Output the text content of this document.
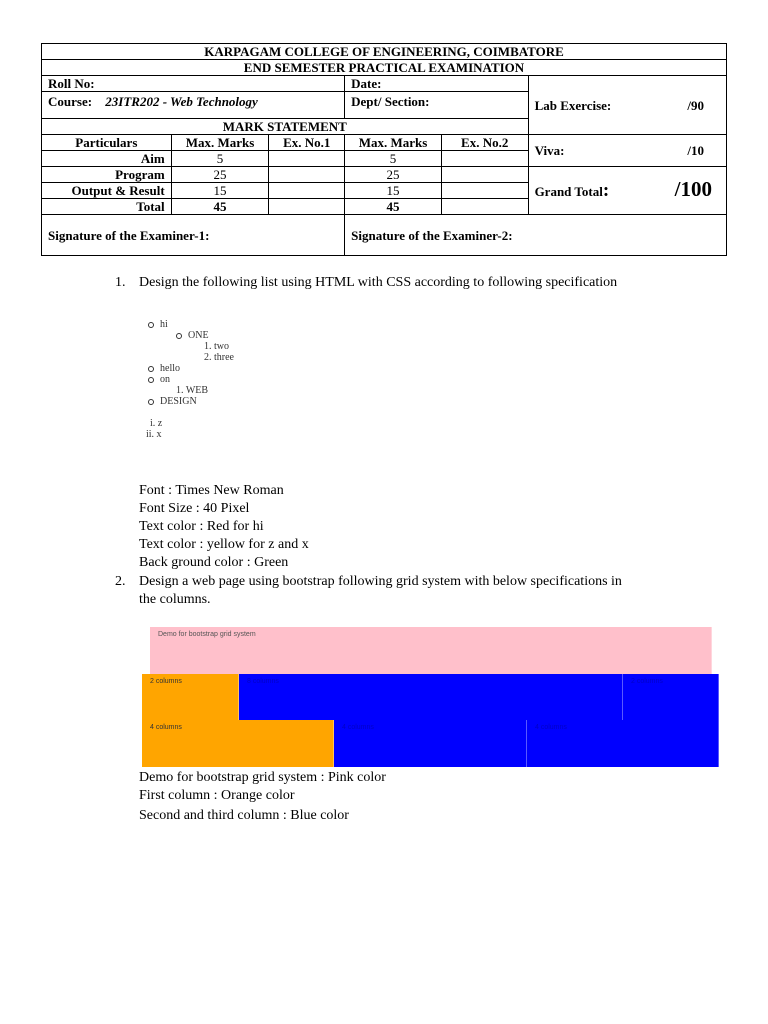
KARPAGAM COLLEGE OF ENGINEERING, COIMBATORE					
END SEMESTER PRACTICAL EXAMINATION					
Roll No:			Date:		Lab Exercise: /90

Course: 23ITR202 - Web Technology			Dept/ Section:		
MARK STATEMENT					
Particulars	Max. Marks	Ex. No.1	Max. Marks	Ex. No.2	Viva: /10

Aim	5		5		
Program	25		25		Grand Total: /100

Output & Result	15		15		
Total	45		45		
Signature of the Examiner-1:			Signature of the Examiner-2:		
1. Design the following list using HTML with CSS according to following specification
hi
ONE
1. two
2. three
hello
on
1. WEB
DESIGN
i. z
ii. x
Font : Times New Roman
Font Size : 40 Pixel
Text color : Red for hi
Text color : yellow for z and x
Back ground color : Green
2. Design a web page using bootstrap following grid system with below specifications in
the columns.
Demo for bootstrap grid system
2 columns	8 columns	2 columns
4 columns	4 columns	4 columns
Demo for bootstrap grid system : Pink color
First column : Orange color
Second and third column : Blue color
